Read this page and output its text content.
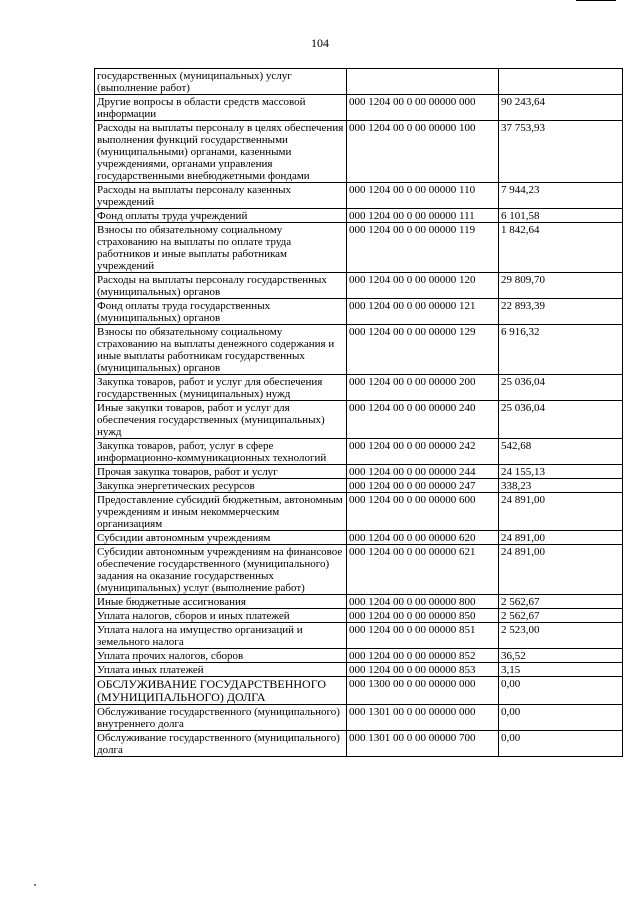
104
государственных (муниципальных) услуг (выполнение работ)		
Другие вопросы в области средств массовой информации	000 1204 00 0 00 00000 000	90 243,64
Расходы на выплаты персоналу в целях обеспечения выполнения функций государственными (муниципальными) органами, казенными учреждениями, органами управления государственными внебюджетными фондами	000 1204 00 0 00 00000 100	37 753,93
Расходы на выплаты персоналу казенных учреждений	000 1204 00 0 00 00000 110	7 944,23
Фонд оплаты труда учреждений	000 1204 00 0 00 00000 111	6 101,58
Взносы по обязательному социальному страхованию на выплаты по оплате труда работников и иные выплаты работникам учреждений	000 1204 00 0 00 00000 119	1 842,64
Расходы на выплаты персоналу государственных (муниципальных) органов	000 1204 00 0 00 00000 120	29 809,70
Фонд оплаты труда государственных (муниципальных) органов	000 1204 00 0 00 00000 121	22 893,39
Взносы по обязательному социальному страхованию на выплаты денежного содержания и иные выплаты работникам государственных (муниципальных) органов	000 1204 00 0 00 00000 129	6 916,32
Закупка товаров, работ и услуг для обеспечения государственных (муниципальных) нужд	000 1204 00 0 00 00000 200	25 036,04
Иные закупки товаров, работ и услуг для обеспечения государственных (муниципальных) нужд	000 1204 00 0 00 00000 240	25 036,04
Закупка товаров, работ, услуг в сфере информационно-коммуникационных технологий	000 1204 00 0 00 00000 242	542,68
Прочая закупка товаров, работ и услуг	000 1204 00 0 00 00000 244	24 155,13
Закупка энергетических ресурсов	000 1204 00 0 00 00000 247	338,23
Предоставление субсидий бюджетным, автономным учреждениям и иным некоммерческим организациям	000 1204 00 0 00 00000 600	24 891,00
Субсидии автономным учреждениям	000 1204 00 0 00 00000 620	24 891,00
Субсидии автономным учреждениям на финансовое обеспечение государственного (муниципального) задания на оказание государственных (муниципальных) услуг (выполнение работ)	000 1204 00 0 00 00000 621	24 891,00
Иные бюджетные ассигнования	000 1204 00 0 00 00000 800	2 562,67
Уплата налогов, сборов и иных платежей	000 1204 00 0 00 00000 850	2 562,67
Уплата налога на имущество организаций и земельного налога	000 1204 00 0 00 00000 851	2 523,00
Уплата прочих налогов, сборов	000 1204 00 0 00 00000 852	36,52
Уплата иных платежей	000 1204 00 0 00 00000 853	3,15
ОБСЛУЖИВАНИЕ ГОСУДАРСТВЕННОГО (МУНИЦИПАЛЬНОГО) ДОЛГА	000 1300 00 0 00 00000 000	0,00
Обслуживание государственного (муниципального) внутреннего долга	000 1301 00 0 00 00000 000	0,00
Обслуживание государственного (муниципального) долга	000 1301 00 0 00 00000 700	0,00
